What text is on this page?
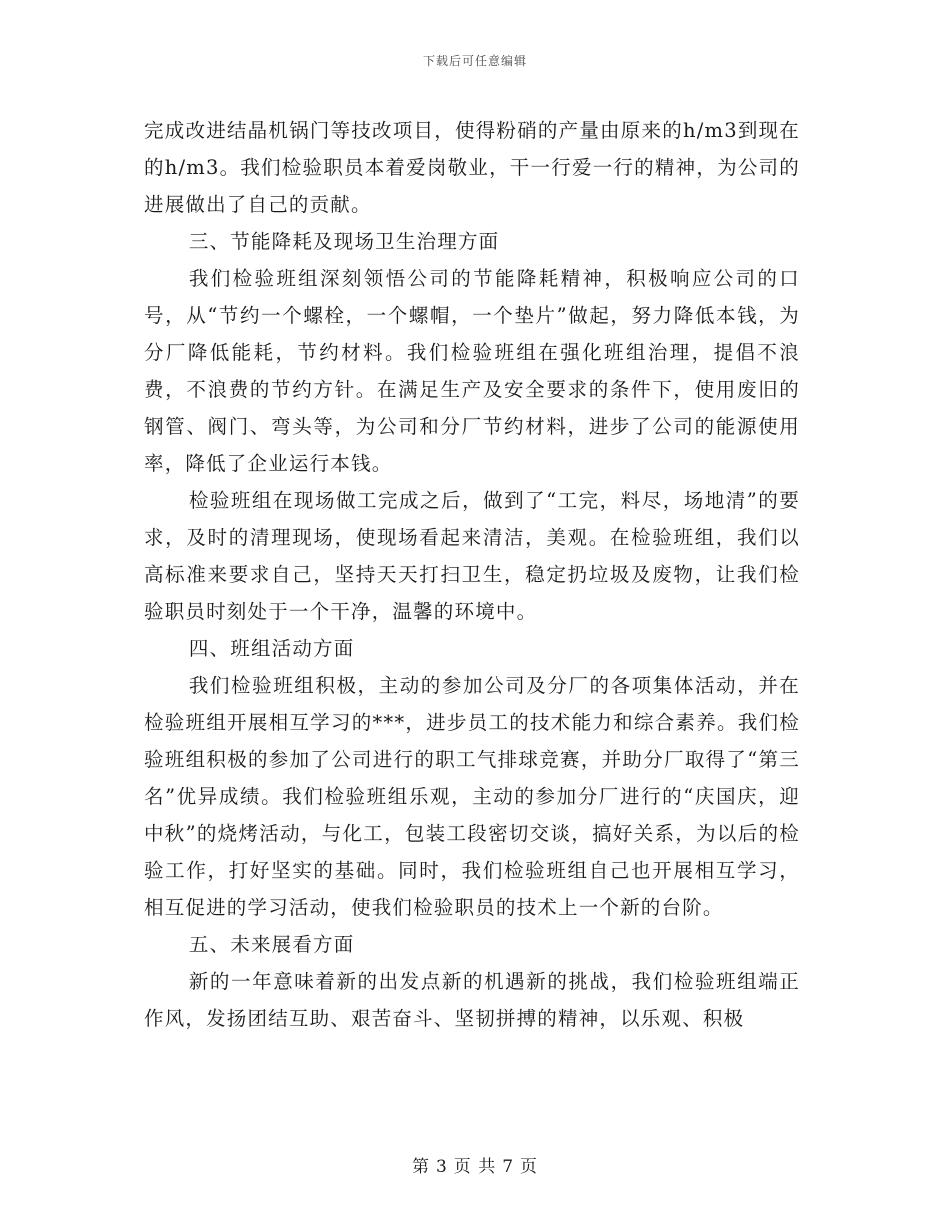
下载后可任意编辑

完成改进结晶机锅门等技改项目，使得粉硝的产量由原来的h/m3到现在的h/m3。我们检验职员本着爱岗敬业，干一行爱一行的精神，为公司的进展做出了自己的贡献。

三、节能降耗及现场卫生治理方面

我们检验班组深刻领悟公司的节能降耗精神，积极响应公司的口号，从“节约一个螺栓，一个螺帽，一个垫片”做起，努力降低本钱，为分厂降低能耗，节约材料。我们检验班组在强化班组治理，提倡不浪费，不浪费的节约方针。在满足生产及安全要求的条件下，使用废旧的钢管、阀门、弯头等，为公司和分厂节约材料，进步了公司的能源使用率，降低了企业运行本钱。

检验班组在现场做工完成之后，做到了“工完，料尽，场地清”的要求，及时的清理现场，使现场看起来清洁，美观。在检验班组，我们以高标准来要求自己，坚持天天打扫卫生，稳定扔垃圾及废物，让我们检验职员时刻处于一个干净，温馨的环境中。

四、班组活动方面

我们检验班组积极，主动的参加公司及分厂的各项集体活动，并在检验班组开展相互学习的***，进步员工的技术能力和综合素养。我们检验班组积极的参加了公司进行的职工气排球竞赛，并助分厂取得了“第三名”优异成绩。我们检验班组乐观，主动的参加分厂进行的“庆国庆，迎中秋”的烧烤活动，与化工，包装工段密切交谈，搞好关系，为以后的检验工作，打好坚实的基础。同时，我们检验班组自己也开展相互学习，相互促进的学习活动，使我们检验职员的技术上一个新的台阶。

五、未来展看方面

新的一年意味着新的出发点新的机遇新的挑战，我们检验班组端正作风，发扬团结互助、艰苦奋斗、坚韧拼搏的精神，以乐观、积极

第 3 页 共 7 页
